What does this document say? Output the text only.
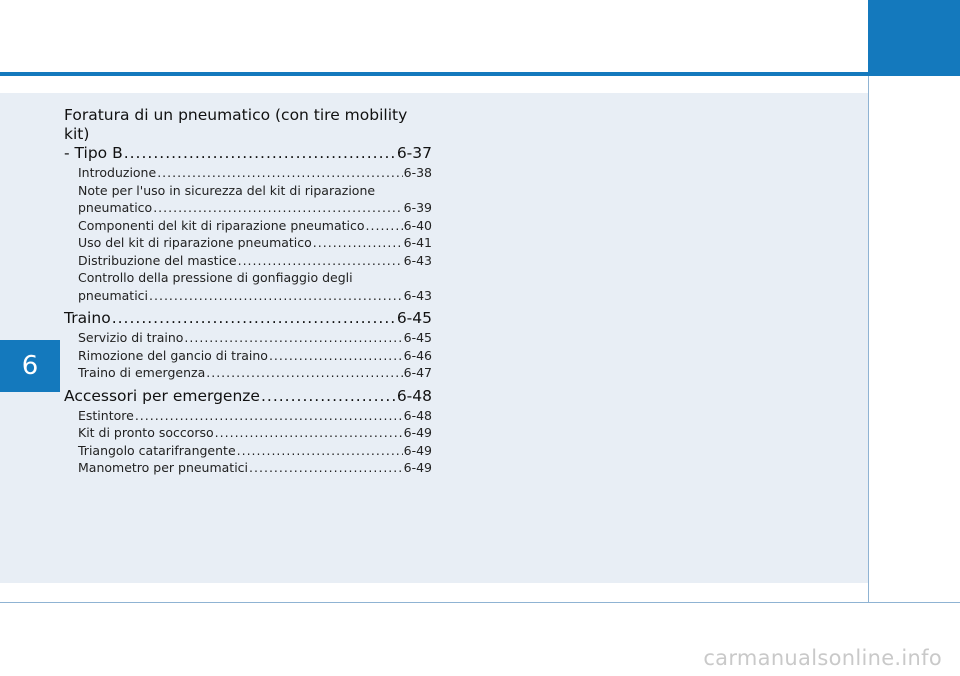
6
Foratura di un pneumatico (con tire mobility kit)
- Tipo B .....	6-37
Introduzione .....	6-38
Note per l'uso in sicurezza del kit di riparazione
pneumatico .....	6-39
Componenti del kit di riparazione pneumatico .....	6-40
Uso del kit di riparazione pneumatico .....	6-41
Distribuzione del mastice .....	6-43
Controllo della pressione di gonfiaggio degli
pneumatici .....	6-43
Traino .....	6-45
Servizio di traino .....	6-45
Rimozione del gancio di traino .....	6-46
Traino di emergenza .....	6-47
Accessori per emergenze .....	6-48
Estintore .....	6-48
Kit di pronto soccorso .....	6-49
Triangolo catarifrangente .....	6-49
Manometro per pneumatici .....	6-49
carmanualsonline.info
